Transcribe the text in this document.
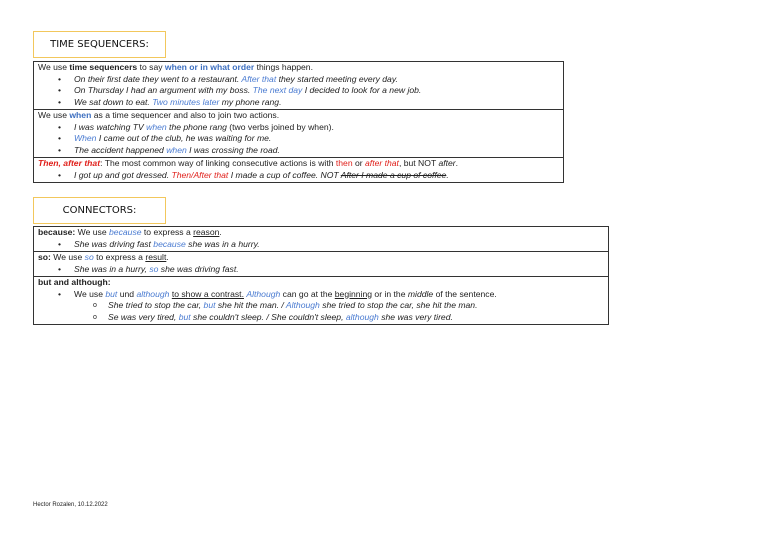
TIME SEQUENCERS:
We use time sequencers to say when or in what order things happen.
• On their first date they went to a restaurant. After that they started meeting every day.
• On Thursday I had an argument with my boss. The next day I decided to look for a new job.
• We sat down to eat. Two minutes later my phone rang.
We use when as a time sequencer and also to join two actions.
• I was watching TV when the phone rang (two verbs joined by when).
• When I came out of the club, he was waiting for me.
• The accident happened when I was crossing the road.
Then, after that: The most common way of linking consecutive actions is with then or after that, but NOT after.
• I got up and got dressed. Then/After that I made a cup of coffee. NOT After I made a cup of coffee.
CONNECTORS:
because: We use because to express a reason.
• She was driving fast because she was in a hurry.
so: We use so to express a result.
• She was in a hurry, so she was driving fast.
but and although:
• We use but und although to show a contrast. Although can go at the beginning or in the middle of the sentence.
o She tried to stop the car, but she hit the man. / Although she tried to stop the car, she hit the man.
o Se was very tired, but she couldn't sleep. / She couldn't sleep, although she was very tired.
Hector Rozalen, 10.12.2022
